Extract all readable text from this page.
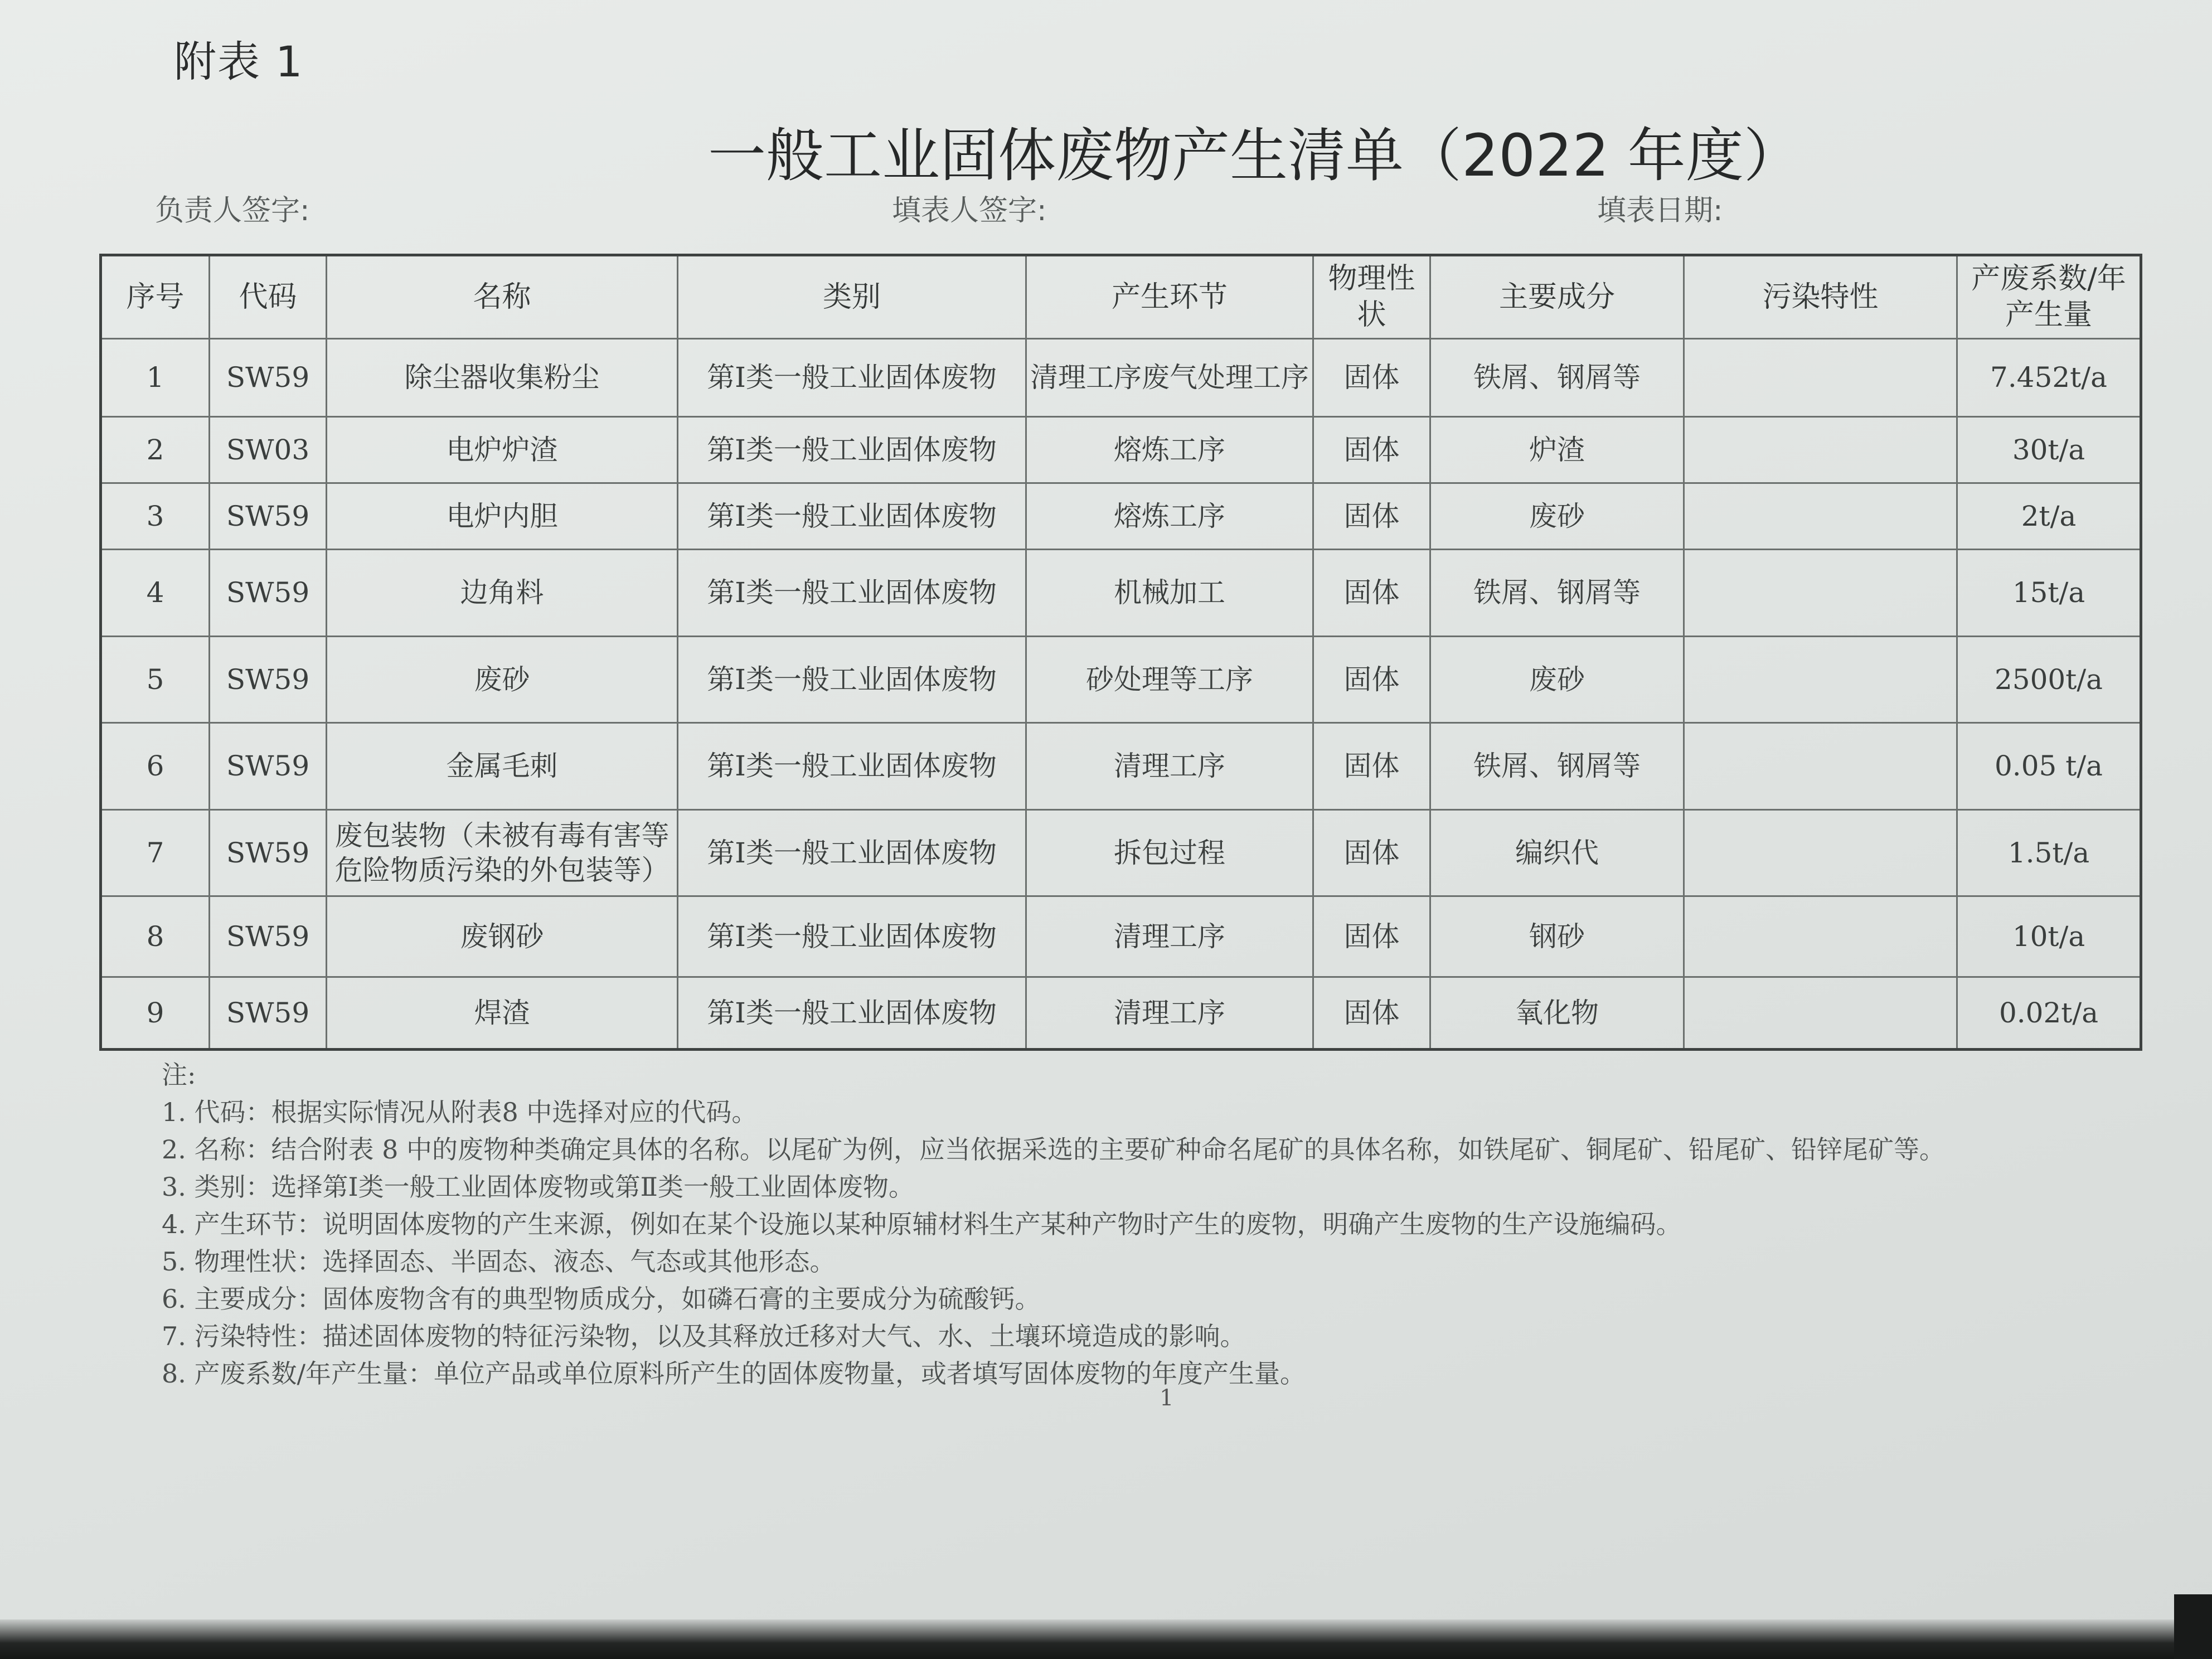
附表 1
一般工业固体废物产生清单（2022 年度）
负责人签字:	填表人签字:	填表日期:
序号	代码	名称	类别	产生环节	物理性状	主要成分	污染特性	产废系数/年产生量
1	SW59	除尘器收集粉尘	第Ⅰ类一般工业固体废物	清理工序废气处理工序	固体	铁屑、钢屑等		7.452t/a
2	SW03	电炉炉渣	第Ⅰ类一般工业固体废物	熔炼工序	固体	炉渣		30t/a
3	SW59	电炉内胆	第Ⅰ类一般工业固体废物	熔炼工序	固体	废砂		2t/a
4	SW59	边角料	第Ⅰ类一般工业固体废物	机械加工	固体	铁屑、钢屑等		15t/a
5	SW59	废砂	第Ⅰ类一般工业固体废物	砂处理等工序	固体	废砂		2500t/a
6	SW59	金属毛刺	第Ⅰ类一般工业固体废物	清理工序	固体	铁屑、钢屑等		0.05 t/a
7	SW59	废包装物（未被有毒有害等危险物质污染的外包装等）	第Ⅰ类一般工业固体废物	拆包过程	固体	编织代		1.5t/a
8	SW59	废钢砂	第Ⅰ类一般工业固体废物	清理工序	固体	钢砂		10t/a
9	SW59	焊渣	第Ⅰ类一般工业固体废物	清理工序	固体	氧化物		0.02t/a
注:
1. 代码：根据实际情况从附表8 中选择对应的代码。
2. 名称：结合附表 8 中的废物种类确定具体的名称。以尾矿为例，应当依据采选的主要矿种命名尾矿的具体名称，如铁尾矿、铜尾矿、铅尾矿、铅锌尾矿等。
3. 类别：选择第Ⅰ类一般工业固体废物或第Ⅱ类一般工业固体废物。
4. 产生环节：说明固体废物的产生来源，例如在某个设施以某种原辅材料生产某种产物时产生的废物，明确产生废物的生产设施编码。
5. 物理性状：选择固态、半固态、液态、气态或其他形态。
6. 主要成分：固体废物含有的典型物质成分，如磷石膏的主要成分为硫酸钙。
7. 污染特性：描述固体废物的特征污染物，以及其释放迁移对大气、水、土壤环境造成的影响。
8. 产废系数/年产生量：单位产品或单位原料所产生的固体废物量，或者填写固体废物的年度产生量。
1
